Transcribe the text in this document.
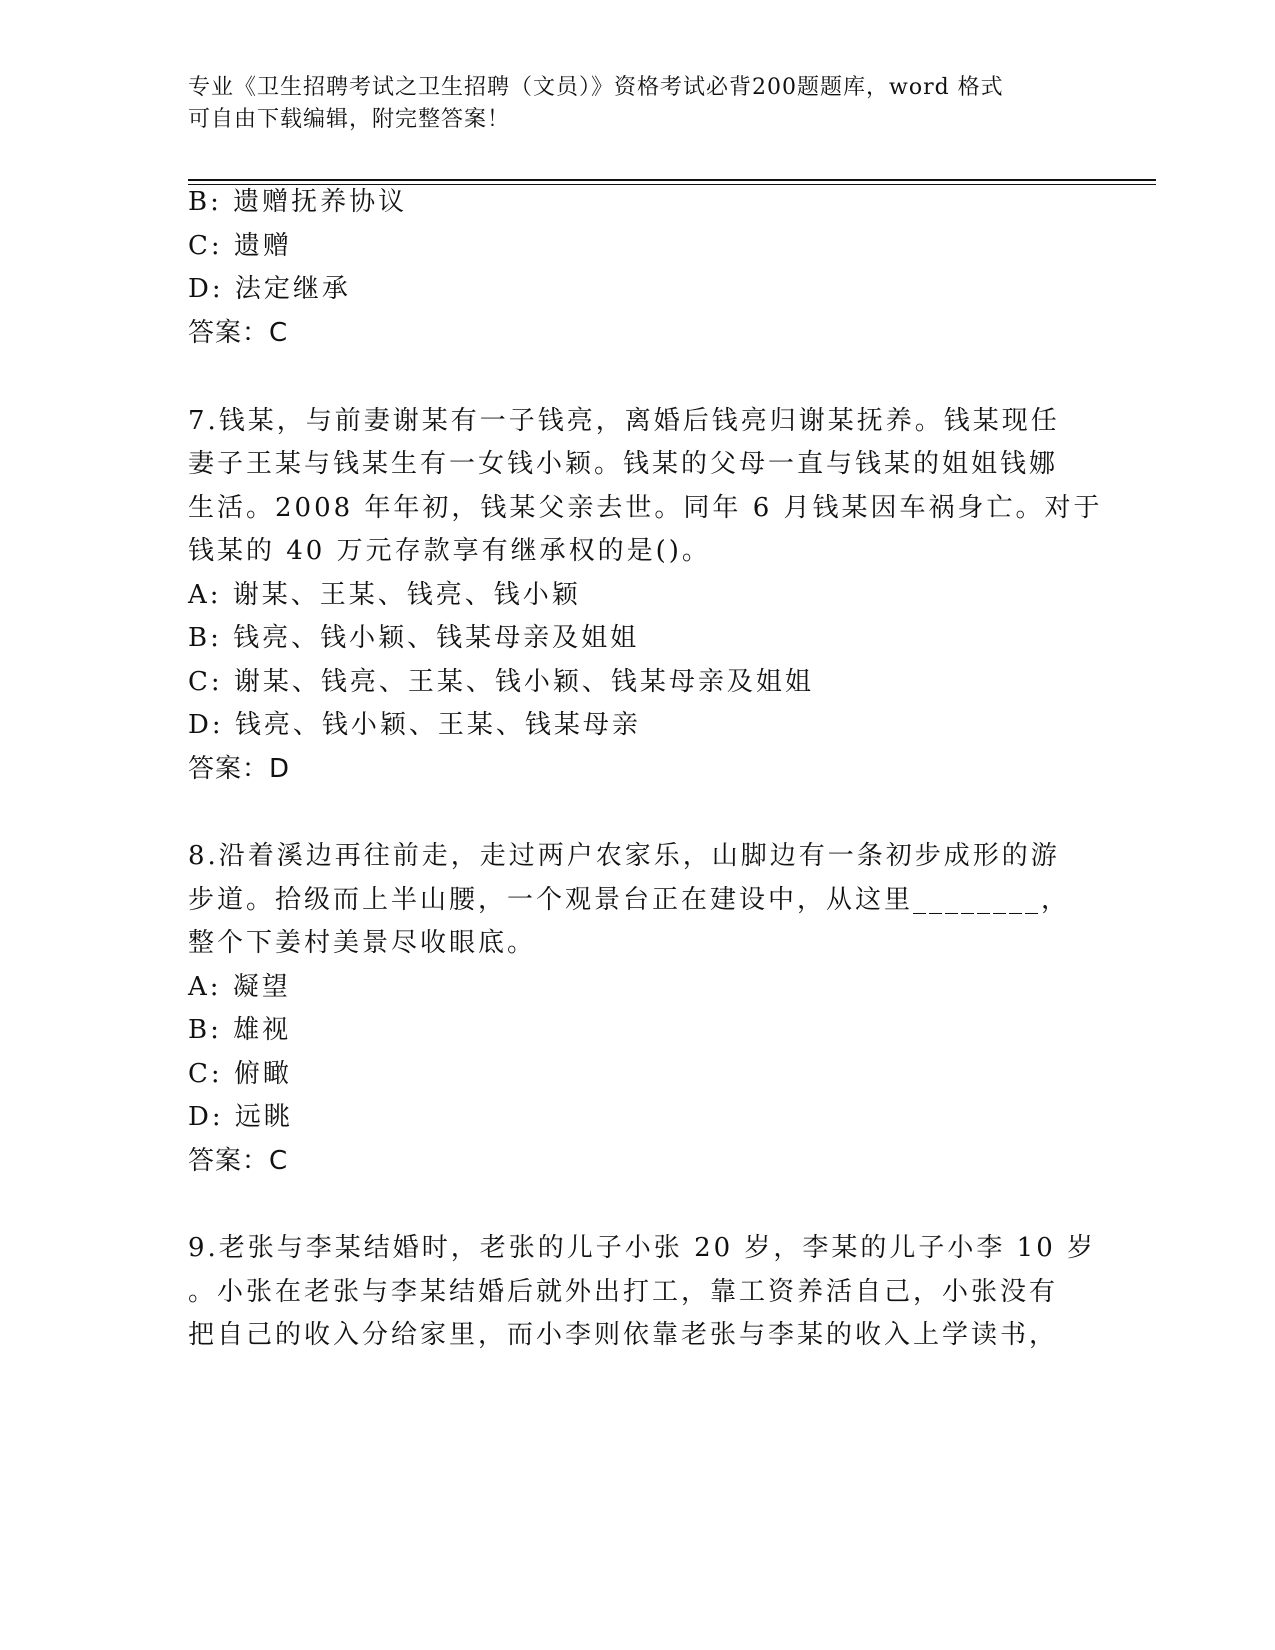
专业《卫生招聘考试之卫生招聘（文员）》资格考试必背200题题库，word 格式
可自由下载编辑，附完整答案！
B: 遗赠抚养协议
C: 遗赠
D: 法定继承
答案：C
7.钱某，与前妻谢某有一子钱亮，离婚后钱亮归谢某抚养。钱某现任
妻子王某与钱某生有一女钱小颖。钱某的父母一直与钱某的姐姐钱娜
生活。2008 年年初，钱某父亲去世。同年 6 月钱某因车祸身亡。对于
钱某的 40 万元存款享有继承权的是()。
A: 谢某、王某、钱亮、钱小颖
B: 钱亮、钱小颖、钱某母亲及姐姐
C: 谢某、钱亮、王某、钱小颖、钱某母亲及姐姐
D: 钱亮、钱小颖、王某、钱某母亲
答案：D
8.沿着溪边再往前走，走过两户农家乐，山脚边有一条初步成形的游
步道。拾级而上半山腰，一个观景台正在建设中，从这里________，
整个下姜村美景尽收眼底。
A: 凝望
B: 雄视
C: 俯瞰
D: 远眺
答案：C
9.老张与李某结婚时，老张的儿子小张 20 岁，李某的儿子小李 10 岁
。小张在老张与李某结婚后就外出打工，靠工资养活自己，小张没有
把自己的收入分给家里，而小李则依靠老张与李某的收入上学读书，
